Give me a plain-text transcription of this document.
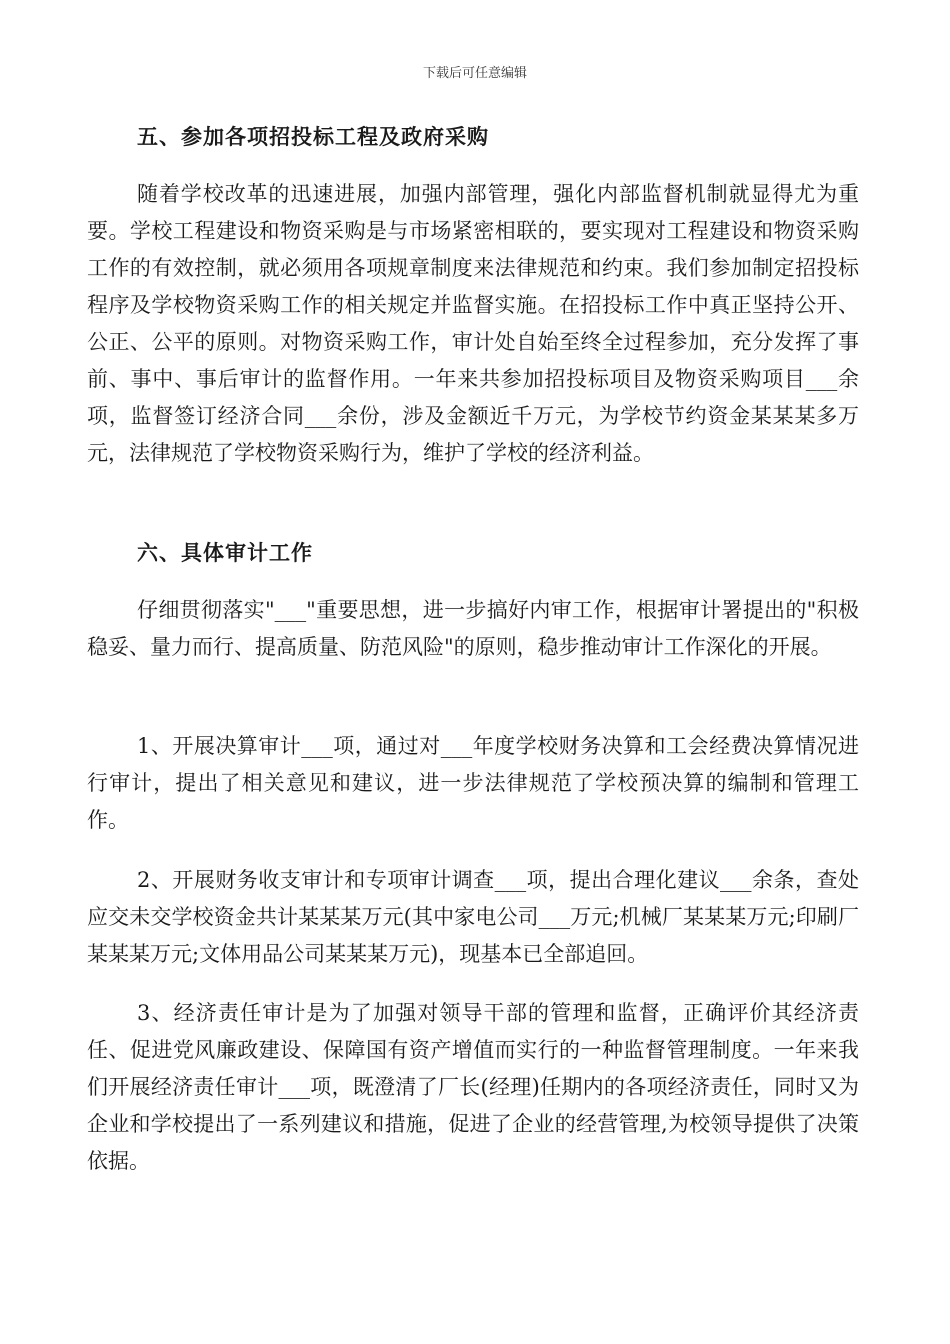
下载后可任意编辑
五、参加各项招投标工程及政府采购

随着学校改革的迅速进展，加强内部管理，强化内部监督机制就显得尤为重要。学校工程建设和物资采购是与市场紧密相联的，要实现对工程建设和物资采购工作的有效控制，就必须用各项规章制度来法律规范和约束。我们参加制定招投标程序及学校物资采购工作的相关规定并监督实施。在招投标工作中真正坚持公开、公正、公平的原则。对物资采购工作，审计处自始至终全过程参加，充分发挥了事前、事中、事后审计的监督作用。一年来共参加招投标项目及物资采购项目___余项，监督签订经济合同___余份，涉及金额近千万元，为学校节约资金某某某多万元，法律规范了学校物资采购行为，维护了学校的经济利益。

六、具体审计工作

仔细贯彻落实"___"重要思想，进一步搞好内审工作，根据审计署提出的"积极稳妥、量力而行、提高质量、防范风险"的原则，稳步推动审计工作深化的开展。

1、开展决算审计___项，通过对___年度学校财务决算和工会经费决算情况进行审计，提出了相关意见和建议，进一步法律规范了学校预决算的编制和管理工作。

2、开展财务收支审计和专项审计调查___项，提出合理化建议___余条，查处应交未交学校资金共计某某某万元(其中家电公司___万元;机械厂某某某万元;印刷厂某某某万元;文体用品公司某某某万元)，现基本已全部追回。

3、经济责任审计是为了加强对领导干部的管理和监督，正确评价其经济责任、促进党风廉政建设、保障国有资产增值而实行的一种监督管理制度。一年来我们开展经济责任审计___项，既澄清了厂长(经理)任期内的各项经济责任，同时又为企业和学校提出了一系列建议和措施，促进了企业的经营管理,为校领导提供了决策依据。
